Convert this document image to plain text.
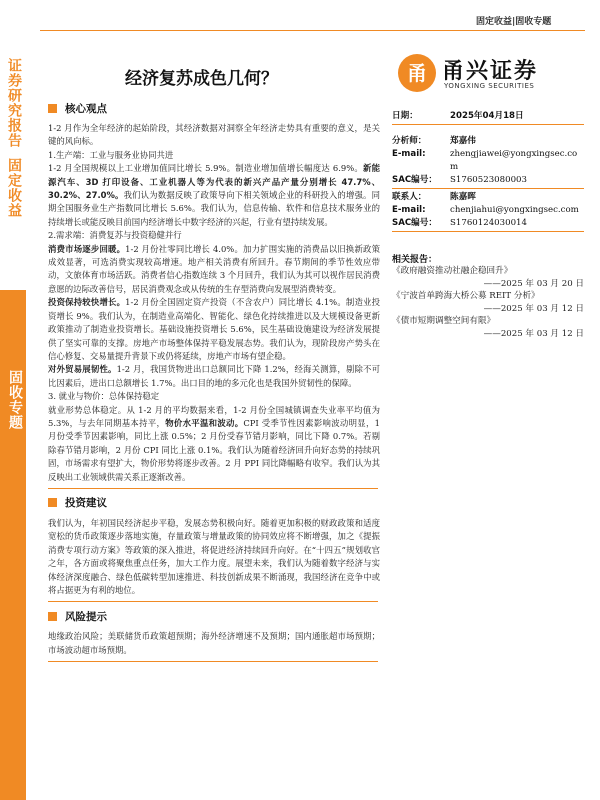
证券研究报告
固定收益
固收专题
固定收益|固收专题
经济复苏成色几何？	甬 甬兴证券
YONGXING SECURITIES
核心观点
1-2 月作为全年经济的起始阶段，其经济数据对洞察全年经济走势具有重要的意义，是关键的风向标。
1.生产端：工业与服务业协同共进
1-2 月全国规模以上工业增加值同比增长 5.9%。制造业增加值增长幅度达 6.9%。新能源汽车、3D 打印设备、工业机器人等为代表的新兴产品产量分别增长 47.7%、30.2%、27.0%。我们认为数据反映了政策导向下相关领域企业的科研投入的增强。同期全国服务业生产指数同比增长 5.6%。我们认为，信息传输、软件和信息技术服务业的持续增长或能反映目前国内经济增长中数字经济的兴起，行业有望持续发展。
2.需求端：消费复苏与投资稳健并行
消费市场逐步回暖。1-2 月份社零同比增长 4.0%。加力扩围实施的消费品以旧换新政策成效显著，可选消费实现较高增速。地产相关消费有所回升。春节期间的季节性效应带动，文旅体育市场活跃。消费者信心指数连续 3 个月回升，我们认为其可以视作居民消费意愿的边际改善信号，居民消费观念或从传统的生存型消费向发展型消费转变。
投资保持较快增长。1-2 月份全国固定资产投资（不含农户）同比增长 4.1%。制造业投资增长 9%。我们认为，在制造业高端化、智能化、绿色化持续推进以及大规模设备更新政策推动了制造业投资增长。基础设施投资增长 5.6%，民生基础设施建设为经济发展提供了坚实可靠的支撑。房地产市场整体保持平稳发展态势。我们认为，现阶段房产势头在信心修复、交易量提升背景下或仍将延续，房地产市场有望企稳。
对外贸易展韧性。1-2 月，我国货物进出口总额同比下降 1.2%，经海关测算，剔除不可比因素后，进出口总额增长 1.7%。出口目的地的多元化也是我国外贸韧性的保障。
3. 就业与物价：总体保持稳定
就业形势总体稳定。从 1-2 月的平均数据来看，1-2 月份全国城镇调查失业率平均值为 5.3%，与去年同期基本持平，物价水平温和波动。CPI 受季节性因素影响波动明显，1 月份受季节因素影响，同比上涨 0.5%；2 月份受春节错月影响，同比下降 0.7%。若剔除春节错月影响，2 月份 CPI 同比上涨 0.1%。我们认为随着经济回升向好态势的持续巩固，市场需求有望扩大，物价形势将逐步改善。2 月 PPI 同比降幅略有收窄。我们认为其反映出工业领域供需关系正逐渐改善。
投资建议
我们认为，年初国民经济起步平稳，发展态势积极向好。随着更加积极的财政政策和适度宽松的货币政策逐步落地实施，存量政策与增量政策的协同效应将不断增强，加之《提振消费专项行动方案》等政策的深入推进，将促进经济持续回升向好。在“十四五”规划收官之年，各方面或将聚焦重点任务，加大工作力度。展望未来，我们认为随着数字经济与实体经济深度融合、绿色低碳转型加速推进、科技创新成果不断涌现，我国经济在竞争中或将占据更为有利的地位。
风险提示
地缘政治风险；美联储货币政策超预期；海外经济增速不及预期；国内通胀超市场预期；市场波动超市场预期。
日期：	2025年04月18日
分析师：	郑嘉伟
E-mail:	zhengjiawei@yongxingsec.com
SAC编号：	S1760523080003
联系人：	陈嘉晖
E-mail:	chenjiahui@yongxingsec.com
SAC编号：	S1760124030014
相关报告：
《政府融资推动社融企稳回升》
——2025 年 03 月 20 日
《宁波首单跨海大桥公募 REIT 分析》
——2025 年 03 月 12 日
《债市短期调整空间有限》
——2025 年 03 月 12 日
